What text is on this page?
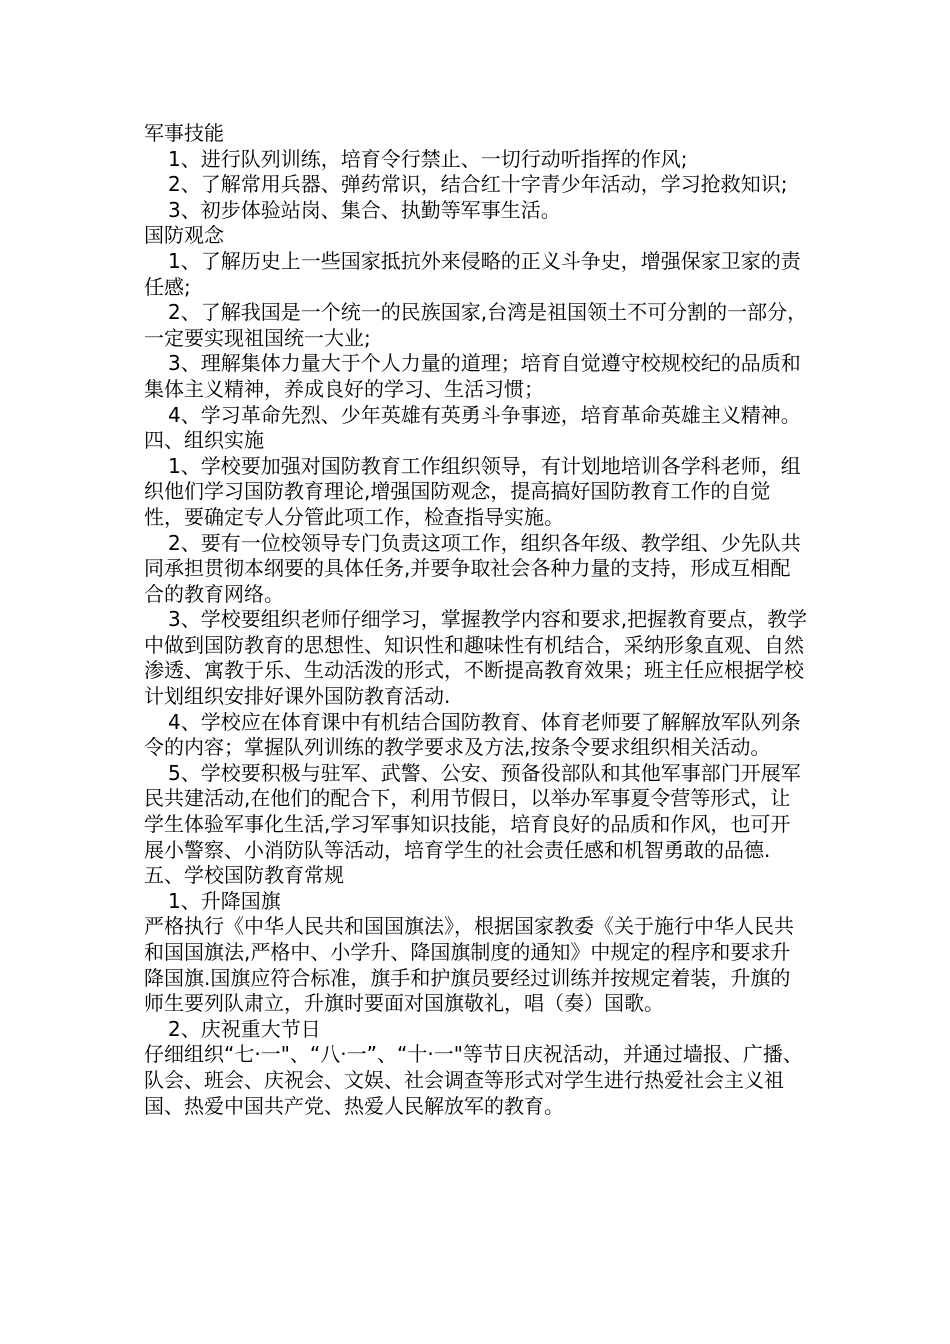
军事技能

1、进行队列训练，培育令行禁止、一切行动听指挥的作风;

2、了解常用兵器、弹药常识，结合红十字青少年活动，学习抢救知识;

3、初步体验站岗、集合、执勤等军事生活。

国防观念

1、了解历史上一些国家抵抗外来侵略的正义斗争史，增强保家卫家的责任感;

2、了解我国是一个统一的民族国家,台湾是祖国领土不可分割的一部分，一定要实现祖国统一大业;

3、理解集体力量大于个人力量的道理；培育自觉遵守校规校纪的品质和集体主义精神，养成良好的学习、生活习惯；

4、学习革命先烈、少年英雄有英勇斗争事迹，培育革命英雄主义精神。

四、组织实施

1、学校要加强对国防教育工作组织领导，有计划地培训各学科老师，组织他们学习国防教育理论,增强国防观念，提高搞好国防教育工作的自觉性，要确定专人分管此项工作，检查指导实施。

2、要有一位校领导专门负责这项工作，组织各年级、教学组、少先队共同承担贯彻本纲要的具体任务,并要争取社会各种力量的支持，形成互相配合的教育网络。

3、学校要组织老师仔细学习，掌握教学内容和要求,把握教育要点，教学中做到国防教育的思想性、知识性和趣味性有机结合，采纳形象直观、自然渗透、寓教于乐、生动活泼的形式，不断提高教育效果；班主任应根据学校计划组织安排好课外国防教育活动.

4、学校应在体育课中有机结合国防教育、体育老师要了解解放军队列条令的内容；掌握队列训练的教学要求及方法,按条令要求组织相关活动。

5、学校要积极与驻军、武警、公安、预备役部队和其他军事部门开展军民共建活动,在他们的配合下，利用节假日，以举办军事夏令营等形式，让学生体验军事化生活,学习军事知识技能，培育良好的品质和作风，也可开展小警察、小消防队等活动，培育学生的社会责任感和机智勇敢的品德.

五、学校国防教育常规

1、升降国旗

严格执行《中华人民共和国国旗法》，根据国家教委《关于施行中华人民共和国国旗法,严格中、小学升、降国旗制度的通知》中规定的程序和要求升降国旗.国旗应符合标准，旗手和护旗员要经过训练并按规定着装，升旗的师生要列队肃立，升旗时要面对国旗敬礼，唱（奏）国歌。

2、庆祝重大节日

仔细组织“七·一"、“八·一”、“十·一"等节日庆祝活动，并通过墙报、广播、队会、班会、庆祝会、文娱、社会调查等形式对学生进行热爱社会主义祖国、热爱中国共产党、热爱人民解放军的教育。
